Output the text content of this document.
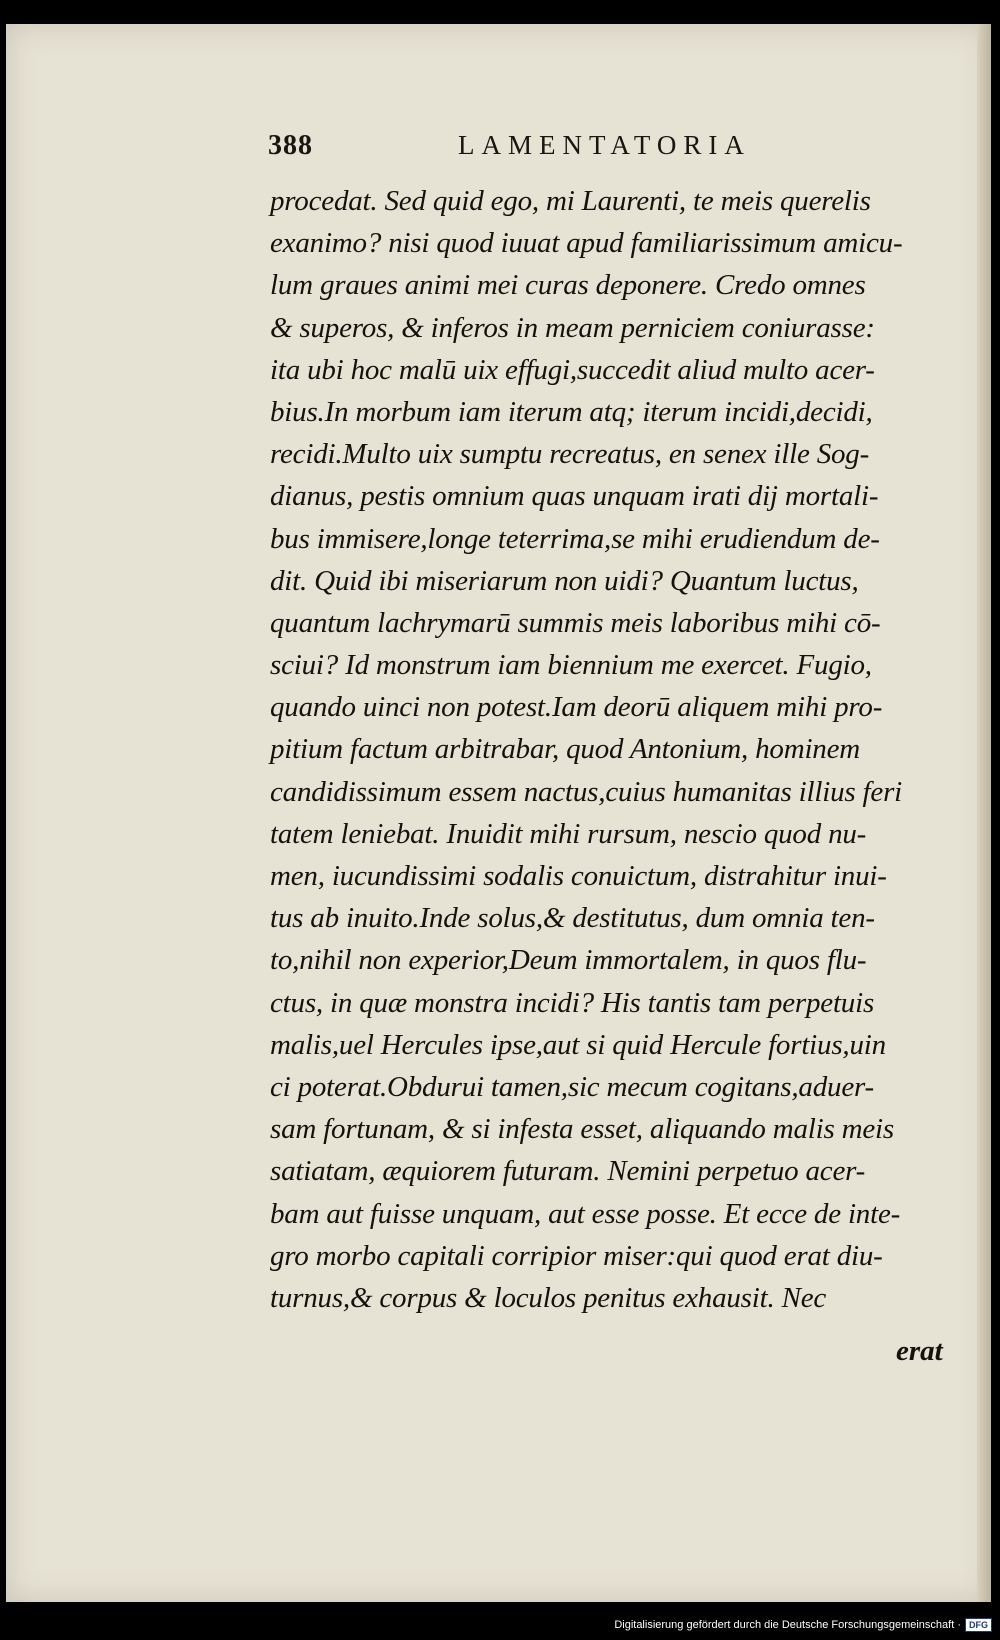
388	LAMENTATORIA
procedat. Sed quid ego, mi Laurenti, te meis querelis
exanimo? nisi quod iuuat apud familiarissimum amicu-
lum graues animi mei curas deponere. Credo omnes
& superos, & inferos in meam perniciem coniurasse:
ita ubi hoc malū uix effugi,succedit aliud multo acer-
bius.In morbum iam iterum atq; iterum incidi,decidi,
recidi.Multo uix sumptu recreatus, en senex ille Sog-
dianus, pestis omnium quas unquam irati dij mortali-
bus immisere,longe teterrima,se mihi erudiendum de-
dit. Quid ibi miseriarum non uidi? Quantum luctus,
quantum lachrymarū summis meis laboribus mihi cō-
sciui? Id monstrum iam biennium me exercet. Fugio,
quando uinci non potest.Iam deorū aliquem mihi pro-
pitium factum arbitrabar, quod Antonium, hominem
candidissimum essem nactus,cuius humanitas illius feri
tatem leniebat. Inuidit mihi rursum, nescio quod nu-
men, iucundissimi sodalis conuictum, distrahitur inui-
tus ab inuito.Inde solus,& destitutus, dum omnia ten-
to,nihil non experior,Deum immortalem, in quos flu-
ctus, in quæ monstra incidi? His tantis tam perpetuis
malis,uel Hercules ipse,aut si quid Hercule fortius,uin
ci poterat.Obdurui tamen,sic mecum cogitans,aduer-
sam fortunam, & si infesta esset, aliquando malis meis
satiatam, æquiorem futuram. Nemini perpetuo acer-
bam aut fuisse unquam, aut esse posse. Et ecce de inte-
gro morbo capitali corripior miser:qui quod erat diu-
turnus,& corpus & loculos penitus exhausit. Nec
erat
Digitalisierung gefördert durch die Deutsche Forschungsgemeinschaft · DFG
